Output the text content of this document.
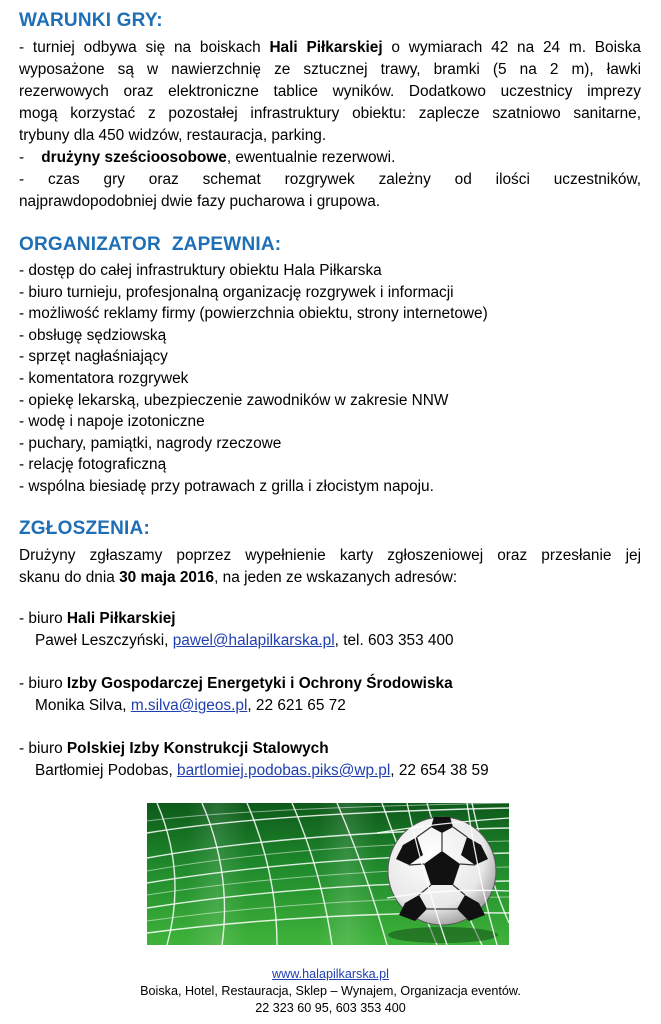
WARUNKI GRY:
- turniej odbywa się na boiskach Hali Piłkarskiej o wymiarach 42 na 24 m. Boiska
wyposażone są w nawierzchnię ze sztucznej trawy, bramki (5 na 2 m), ławki
rezerwowych oraz elektroniczne tablice wyników. Dodatkowo uczestnicy imprezy
mogą korzystać z pozostałej infrastruktury obiektu: zaplecze szatniowo sanitarne,
trybuny dla 450 widzów, restauracja, parking.
-    drużyny sześcioosobowe, ewentualnie rezerwowi.
- czas gry oraz schemat rozgrywek zależny od ilości uczestników,
najprawdopodobniej dwie fazy pucharowa i grupowa.
ORGANIZATOR  ZAPEWNIA:
- dostęp do całej infrastruktury obiektu Hala Piłkarska
- biuro turnieju, profesjonalną organizację rozgrywek i informacji
- możliwość reklamy firmy (powierzchnia obiektu, strony internetowe)
- obsługę sędziowską
- sprzęt nagłaśniający
- komentatora rozgrywek
- opiekę lekarską, ubezpieczenie zawodników w zakresie NNW
- wodę i napoje izotoniczne
- puchary, pamiątki, nagrody rzeczowe
- relację fotograficzną
- wspólna biesiadę przy potrawach z grilla i złocistym napoju.
ZGŁOSZENIA:
Drużyny zgłaszamy poprzez wypełnienie karty zgłoszeniowej oraz przesłanie jej
skanu do dnia 30 maja 2016, na jeden ze wskazanych adresów:
- biuro Hali Piłkarskiej
Paweł Leszczyński, pawel@halapilkarska.pl, tel. 603 353 400
- biuro Izby Gospodarczej Energetyki i Ochrony Środowiska
Monika Silva, m.silva@igeos.pl, 22 621 65 72
- biuro Polskiej Izby Konstrukcji Stalowych
Bartłomiej Podobas, bartlomiej.podobas.piks@wp.pl, 22 654 38 59
www.halapilkarska.pl
Boiska, Hotel, Restauracja, Sklep – Wynajem, Organizacja eventów.
22 323 60 95, 603 353 400
